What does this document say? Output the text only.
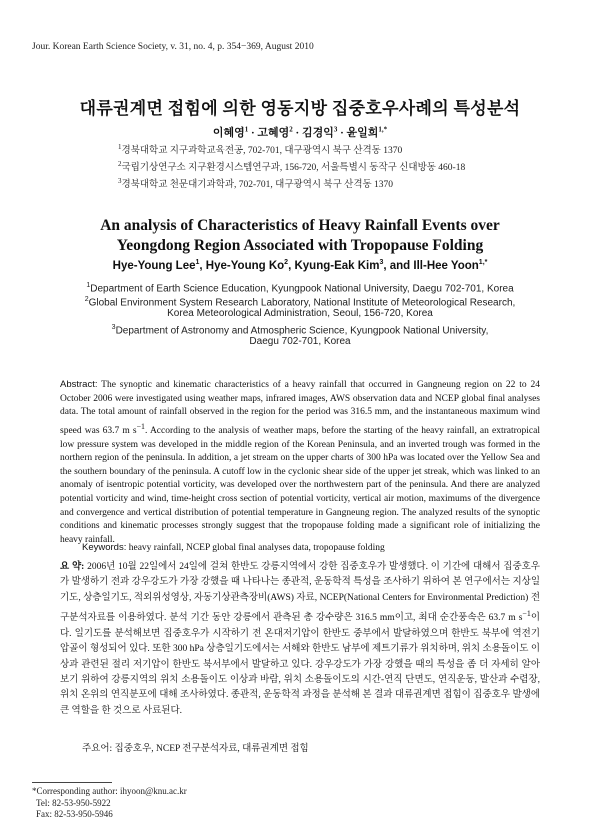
Jour. Korean Earth Science Society, v. 31, no. 4, p. 354−369, August 2010
대류권계면 접힘에 의한 영동지방 집중호우사례의 특성분석
이혜영$^1$ · 고혜영$^2$ · 김경익$^3$ · 윤일희$^{1,*}$
$^1$경북대학교 지구과학교육전공, 702-701, 대구광역시 북구 산격동 1370
$^2$국립기상연구소 지구환경시스템연구과, 156-720, 서울특별시 동작구 신대방동 460-18
$^3$경북대학교 천문대기과학과, 702-701, 대구광역시 북구 산격동 1370
An analysis of Characteristics of Heavy Rainfall Events over
Yeongdong Region Associated with Tropopause Folding
Hye-Young Lee$^1$, Hye-Young Ko$^2$, Kyung-Eak Kim$^3$, and Ill-Hee Yoon$^{1,*}$
$^1$Department of Earth Science Education, Kyungpook National University, Daegu 702-701, Korea
$^2$Global Environment System Research Laboratory, National Institute of Meteorological Research,
Korea Meteorological Administration, Seoul, 156-720, Korea
$^3$Department of Astronomy and Atmospheric Science, Kyungpook National University,
Daegu 702-701, Korea
Abstract: The synoptic and kinematic characteristics of a heavy rainfall that occurred in Gangneung region on 22 to 24 October 2006 were investigated using weather maps, infrared images, AWS observation data and NCEP global final analyses data. The total amount of rainfall observed in the region for the period was 316.5 mm, and the instantaneous maximum wind speed was 63.7 m $s^{-1}$. According to the analysis of weather maps, before the starting of the heavy rainfall, an extratropical low pressure system was developed in the middle region of the Korean Peninsula, and an inverted trough was formed in the northern region of the peninsula. In addition, a jet stream on the upper charts of 300 hPa was located over the Yellow Sea and the southern boundary of the peninsula. A cutoff low in the cyclonic shear side of the upper jet streak, which was linked to an anomaly of isentropic potential vorticity, was developed over the northwestern part of the peninsula. And there are analyzed potential vorticity and wind, time-height cross section of potential vorticity, vertical air motion, maximums of the divergence and convergence and vertical distribution of potential temperature in Gangneung region. The analyzed results of the synoptic conditions and kinematic processes strongly suggest that the tropopause folding made a significant role of initializing the heavy rainfall.
Keywords: heavy rainfall, NCEP global final analyses data, tropopause folding
요 약: 2006년 10월 22일에서 24일에 걸쳐 한반도 강릉지역에서 강한 집중호우가 발생했다. 이 기간에 대해서 집중호우가 발생하기 전과 강우강도가 가장 강했을 때 나타나는 종관적, 운동학적 특성을 조사하기 위하여 본 연구에서는 지상일기도, 상층일기도, 적외위성영상, 자동기상관측장비(AWS) 자료, NCEP(National Centers for Environmental Prediction) 전구분석자료를 이용하였다. 분석 기간 동안 강릉에서 관측된 총 강수량은 316.5 mm이고, 최대 순간풍속은 63.7 m $s^{-1}$이다. 일기도를 분석해보면 집중호우가 시작하기 전 온대저기압이 한반도 중부에서 발달하였으며 한반도 북부에 역전기압골이 형성되어 있다. 또한 300 hPa 상층일기도에서는 서해와 한반도 남부에 제트기류가 위치하며, 위치 소용돌이도 이상과 관련된 절리 저기압이 한반도 북서부에서 발달하고 있다. 강우강도가 가장 강했을 때의 특성을 좀 더 자세히 알아보기 위하여 강릉지역의 위치 소용돌이도 이상과 바람, 위치 소용돌이도의 시간-연직 단면도, 연직운동, 발산과 수렴장, 위치 온위의 연직분포에 대해 조사하였다. 종관적, 운동학적 과정을 분석해 본 결과 대류권계면 접힘이 집중호우 발생에 큰 역할을 한 것으로 사료된다.
주요어: 집중호우, NCEP 전구분석자료, 대류권계면 접힘
*Corresponding author: ihyoon@knu.ac.kr
Tel: 82-53-950-5922
Fax: 82-53-950-5946
